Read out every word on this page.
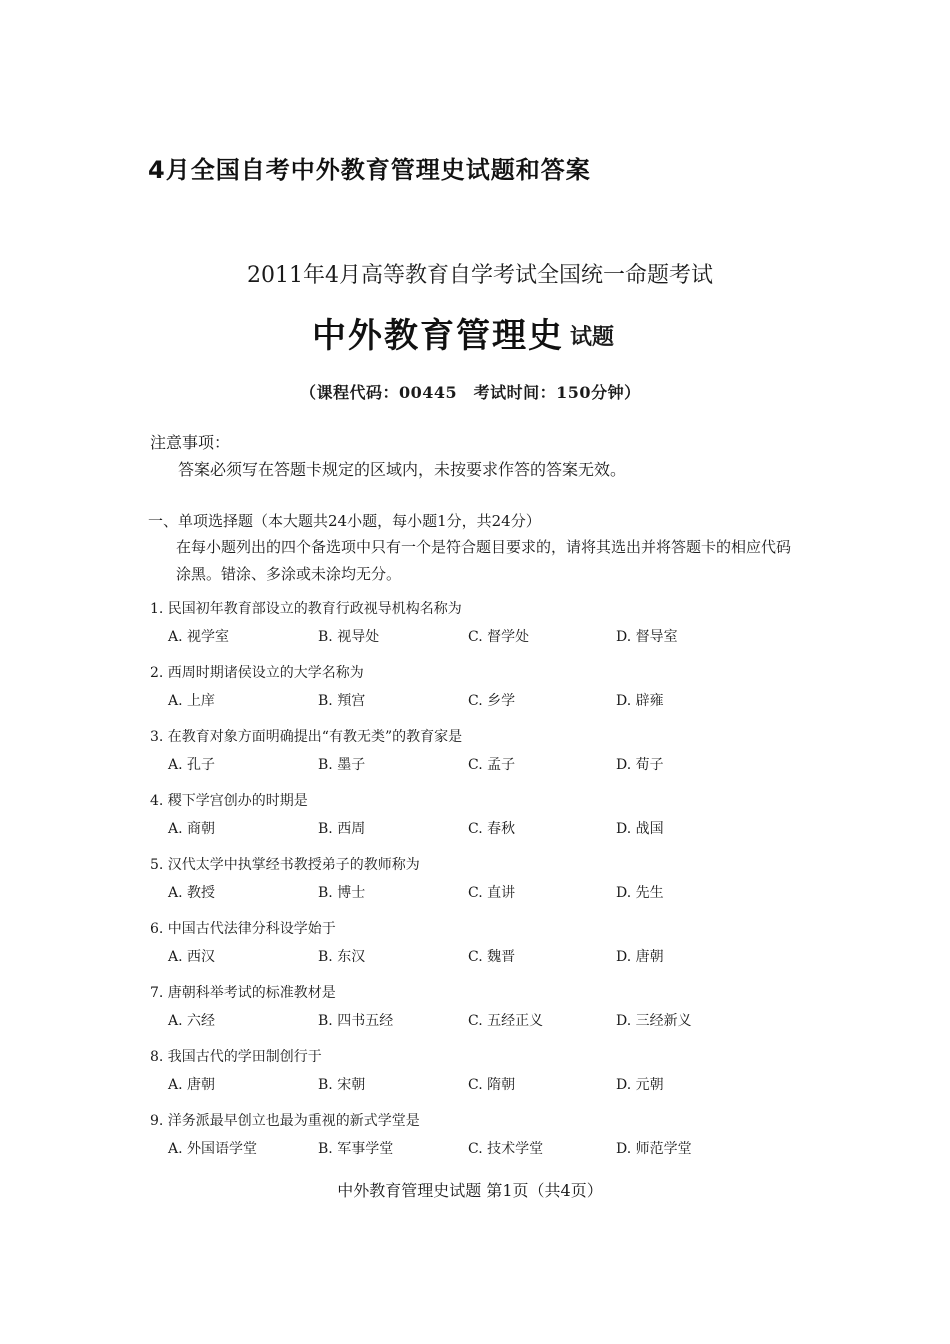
4月全国自考中外教育管理史试题和答案
2011年4月高等教育自学考试全国统一命题考试
中外教育管理史 试题
（课程代码：00445　考试时间：150分钟）
注意事项：
答案必须写在答题卡规定的区域内，未按要求作答的答案无效。
一、单项选择题（本大题共24小题，每小题1分，共24分）
在每小题列出的四个备选项中只有一个是符合题目要求的，请将其选出并将答题卡的相应代码涂黑。错涂、多涂或未涂均无分。
1. 民国初年教育部设立的教育行政视导机构名称为
A. 视学室	B. 视导处	C. 督学处	D. 督导室
2. 西周时期诸侯设立的大学名称为
A. 上庠	B. 頖宫	C. 乡学	D. 辟雍
3. 在教育对象方面明确提出“有教无类”的教育家是
A. 孔子	B. 墨子	C. 孟子	D. 荀子
4. 稷下学宫创办的时期是
A. 商朝	B. 西周	C. 春秋	D. 战国
5. 汉代太学中执掌经书教授弟子的教师称为
A. 教授	B. 博士	C. 直讲	D. 先生
6. 中国古代法律分科设学始于
A. 西汉	B. 东汉	C. 魏晋	D. 唐朝
7. 唐朝科举考试的标准教材是
A. 六经	B. 四书五经	C. 五经正义	D. 三经新义
8. 我国古代的学田制创行于
A. 唐朝	B. 宋朝	C. 隋朝	D. 元朝
9. 洋务派最早创立也最为重视的新式学堂是
A. 外国语学堂	B. 军事学堂	C. 技术学堂	D. 师范学堂
中外教育管理史试题 第1页（共4页）
